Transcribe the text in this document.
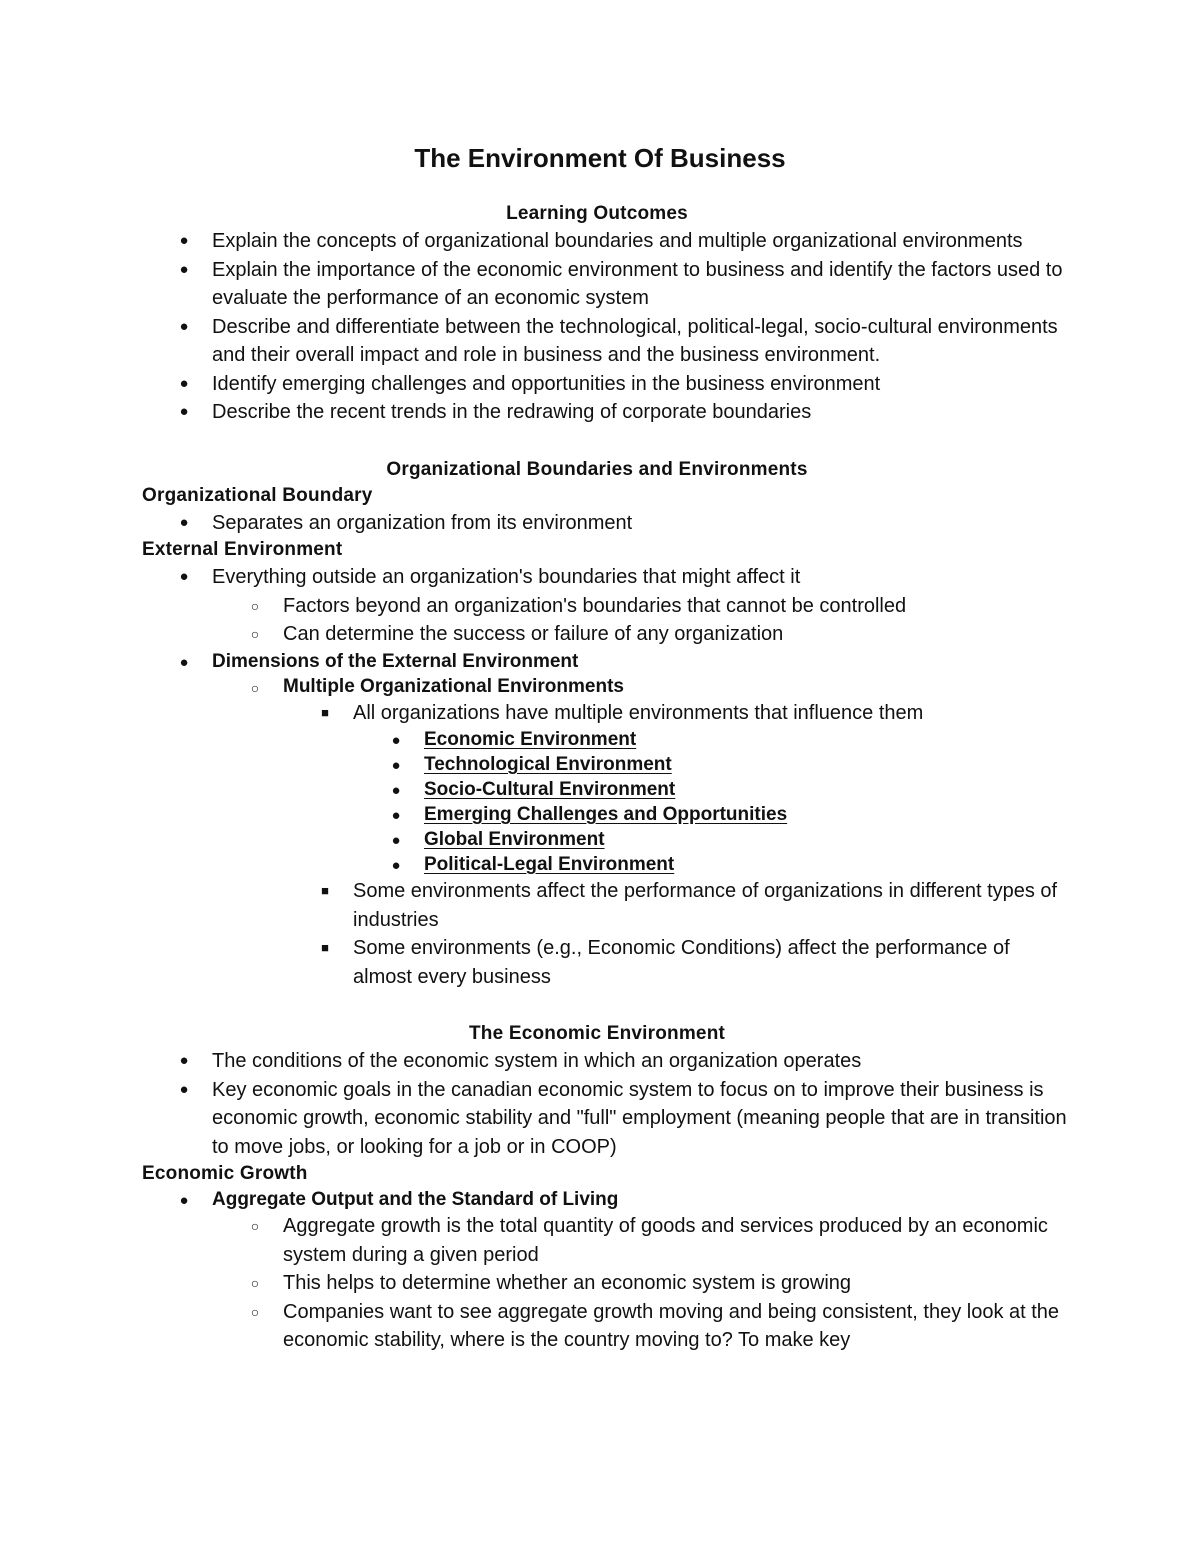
The Environment Of Business
Learning Outcomes
● Explain the concepts of organizational boundaries and multiple organizational environments
● Explain the importance of the economic environment to business and identify the factors used to evaluate the performance of an economic system
● Describe and differentiate between the technological, political-legal, socio-cultural environments and their overall impact and role in business and the business environment.
● Identify emerging challenges and opportunities in the business environment
● Describe the recent trends in the redrawing of corporate boundaries
Organizational Boundaries and Environments
Organizational Boundary
● Separates an organization from its environment
External Environment
● Everything outside an organization's boundaries that might affect it
○ Factors beyond an organization's boundaries that cannot be controlled
○ Can determine the success or failure of any organization
● Dimensions of the External Environment
○	Multiple Organizational Environments
■	All organizations have multiple environments that influence them
● Economic Environment
● Technological Environment
● Socio-Cultural Environment
● Emerging Challenges and Opportunities
● Global Environment
● Political-Legal Environment
■	Some environments affect the performance of organizations in different types of industries
■	Some environments (e.g., Economic Conditions) affect the performance of almost every business
The Economic Environment
● The conditions of the economic system in which an organization operates
● Key economic goals in the canadian economic system to focus on to improve their business is economic growth, economic stability and "full" employment (meaning people that are in transition to move jobs, or looking for a job or in COOP)
Economic Growth
● Aggregate Output and the Standard of Living
○ Aggregate growth is the total quantity of goods and services produced by an economic system during a given period
○ This helps to determine whether an economic system is growing
○ Companies want to see aggregate growth moving and being consistent, they look at the economic stability, where is the country moving to? To make key
